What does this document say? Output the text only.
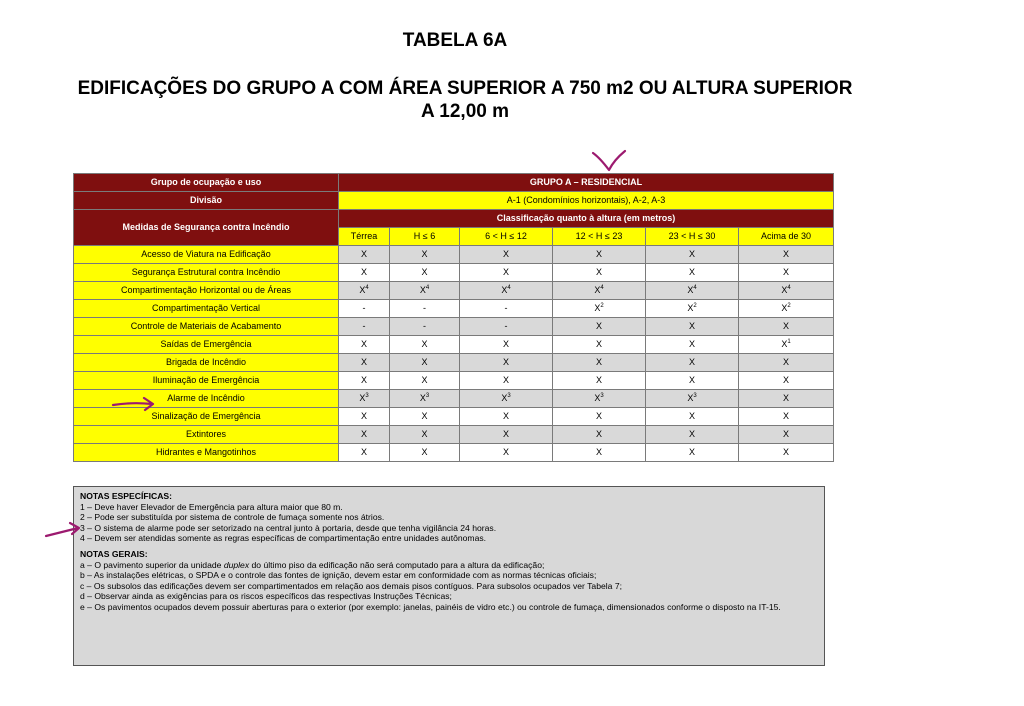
TABELA 6A
EDIFICAÇÕES DO GRUPO A COM ÁREA SUPERIOR A 750 m2 OU ALTURA SUPERIOR
A 12,00 m
Grupo de ocupação e uso	GRUPO A – RESIDENCIAL					
Divisão	A-1 (Condomínios horizontais), A-2, A-3					
Medidas de Segurança contra Incêndio	Classificação quanto à altura (em metros)					
	Térrea	H ≤ 6	6 < H ≤ 12	12 < H ≤ 23	23 < H ≤ 30	Acima de 30
Acesso de Viatura na Edificação	X	X	X	X	X	X
Segurança Estrutural contra Incêndio	X	X	X	X	X	X
Compartimentação Horizontal ou de Áreas	$X^4$	$X^4$	$X^4$	$X^4$	$X^4$	$X^4$
Compartimentação Vertical	-	-	-	$X^2$	$X^2$	$X^2$
Controle de Materiais de Acabamento	-	-	-	X	X	X
Saídas de Emergência	X	X	X	X	X	$X^1$
Brigada de Incêndio	X	X	X	X	X	X
Iluminação de Emergência	X	X	X	X	X	X
Alarme de Incêndio	$X^3$	$X^3$	$X^3$	$X^3$	$X^3$	X
Sinalização de Emergência	X	X	X	X	X	X
Extintores	X	X	X	X	X	X
Hidrantes e Mangotinhos	X	X	X	X	X	X
NOTAS ESPECÍFICAS:
1 – Deve haver Elevador de Emergência para altura maior que 80 m.
2 – Pode ser substituída por sistema de controle de fumaça somente nos átrios.
3 – O sistema de alarme pode ser setorizado na central junto à portaria, desde que tenha vigilância 24 horas.
4 – Devem ser atendidas somente as regras específicas de compartimentação entre unidades autônomas.
NOTAS GERAIS:
a – O pavimento superior da unidade duplex do último piso da edificação não será computado para a altura da edificação;
b – As instalações elétricas, o SPDA e o controle das fontes de ignição, devem estar em conformidade com as normas técnicas oficiais;
c – Os subsolos das edificações devem ser compartimentados em relação aos demais pisos contíguos. Para subsolos ocupados ver Tabela 7;
d – Observar ainda as exigências para os riscos específicos das respectivas Instruções Técnicas;
e – Os pavimentos ocupados devem possuir aberturas para o exterior (por exemplo: janelas, painéis de vidro etc.) ou controle de fumaça, dimensionados conforme o disposto na IT-15.
